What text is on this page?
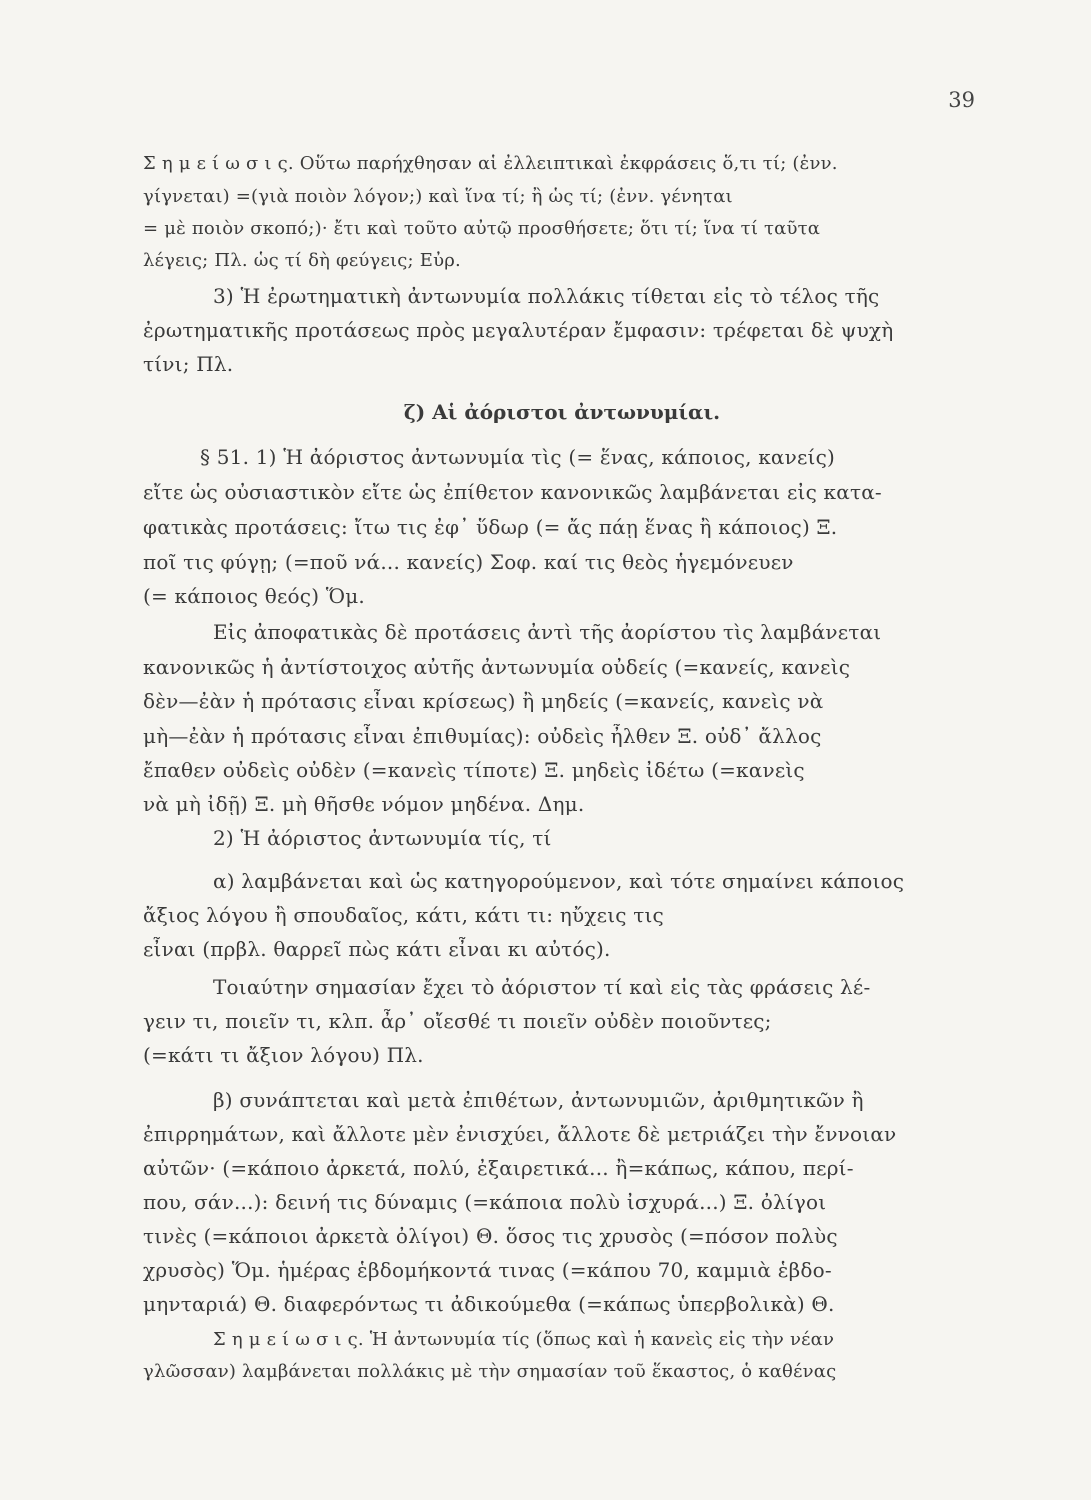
39
Σ η μ ε ί ω σ ι ς. Οὕτω παρήχθησαν αἱ ἐλλειπτικαὶ ἐκφράσεις ὅ,τι τί; (ἐνν.
γίγνεται) =(γιὰ ποιὸν λόγον;) καὶ ἵνα τί; ἢ ὡς τί; (ἐνν. γένηται
= μὲ ποιὸν σκοπό;)· ἔτι καὶ τοῦτο αὐτῷ προσθήσετε; ὅτι τί; ἵνα τί ταῦτα
λέγεις; Πλ. ὡς τί δὴ φεύγεις; Εὐρ.
3) Ἡ ἐρωτηματικὴ ἀντωνυμία πολλάκις τίθεται εἰς τὸ τέλος τῆς
ἐρωτηματικῆς προτάσεως πρὸς μεγαλυτέραν ἔμφασιν: τρέφεται δὲ ψυχὴ
τίνι; Πλ.
ζ) Αἱ ἀόριστοι ἀντωνυμίαι.
§ 51. 1) Ἡ ἀόριστος ἀντωνυμία τὶς (= ἕνας, κάποιος, κανείς)
εἴτε ὡς οὐσιαστικὸν εἴτε ὡς ἐπίθετον κανονικῶς λαμβάνεται εἰς κατα-
φατικὰς προτάσεις: ἴτω τις ἐφ᾽ ὕδωρ (= ἄς πάῃ ἕνας ἢ κάποιος) Ξ.
ποῖ τις φύγῃ; (=ποῦ νά... κανείς) Σοφ. καί τις θεὸς ἡγεμόνευεν
(= κάποιος θεός) Ὅμ.
Εἰς ἀποφατικὰς δὲ προτάσεις ἀντὶ τῆς ἀορίστου τὶς λαμβάνεται
κανονικῶς ἡ ἀντίστοιχος αὐτῆς ἀντωνυμία οὐδείς (=κανείς, κανεὶς
δὲν—ἐὰν ἡ πρότασις εἶναι κρίσεως) ἢ μηδείς (=κανείς, κανεὶς νὰ
μὴ—ἐὰν ἡ πρότασις εἶναι ἐπιθυμίας): οὐδεὶς ἦλθεν Ξ. οὐδ᾽ ἄλλος
ἔπαθεν οὐδεὶς οὐδὲν (=κανεὶς τίποτε) Ξ. μηδεὶς ἰδέτω (=κανεὶς
νὰ μὴ ἰδῇ) Ξ. μὴ θῆσθε νόμον μηδένα. Δημ.
2) Ἡ ἀόριστος ἀντωνυμία τίς, τί
α) λαμβάνεται καὶ ὡς κατηγορούμενον, καὶ τότε σημαίνει κάποιος
ἄξιος λόγου ἢ σπουδαῖος, κάτι, κάτι τι: ηὔχεις τις
εἶναι (πρβλ. θαρρεῖ πὼς κάτι εἶναι κι αὐτός).
Τοιαύτην σημασίαν ἔχει τὸ ἀόριστον τί καὶ εἰς τὰς φράσεις λέ-
γειν τι, ποιεῖν τι, κλπ. ἆρ᾽ οἴεσθέ τι ποιεῖν οὐδὲν ποιοῦντες;
(=κάτι τι ἄξιον λόγου) Πλ.
β) συνάπτεται καὶ μετὰ ἐπιθέτων, ἀντωνυμιῶν, ἀριθμητικῶν ἢ
ἐπιρρημάτων, καὶ ἄλλοτε μὲν ἐνισχύει, ἄλλοτε δὲ μετριάζει τὴν ἔννοιαν
αὐτῶν· (=κάποιο ἀρκετά, πολύ, ἐξαιρετικά... ἢ=κάπως, κάπου, περί-
που, σάν...): δεινή τις δύναμις (=κάποια πολὺ ἰσχυρά...) Ξ. ὀλίγοι
τινὲς (=κάποιοι ἀρκετὰ ὀλίγοι) Θ. ὅσος τις χρυσὸς (=πόσον πολὺς
χρυσὸς) Ὅμ. ἡμέρας ἑβδομήκοντά τινας (=κάπου 70, καμμιὰ ἑβδο-
μηνταριά) Θ. διαφερόντως τι ἀδικούμεθα (=κάπως ὑπερβολικὰ) Θ.
Σ η μ ε ί ω σ ι ς. Ἡ ἀντωνυμία τίς (ὅπως καὶ ἡ κανεὶς εἰς τὴν νέαν
γλῶσσαν) λαμβάνεται πολλάκις μὲ τὴν σημασίαν τοῦ ἕκαστος, ὁ καθένας
